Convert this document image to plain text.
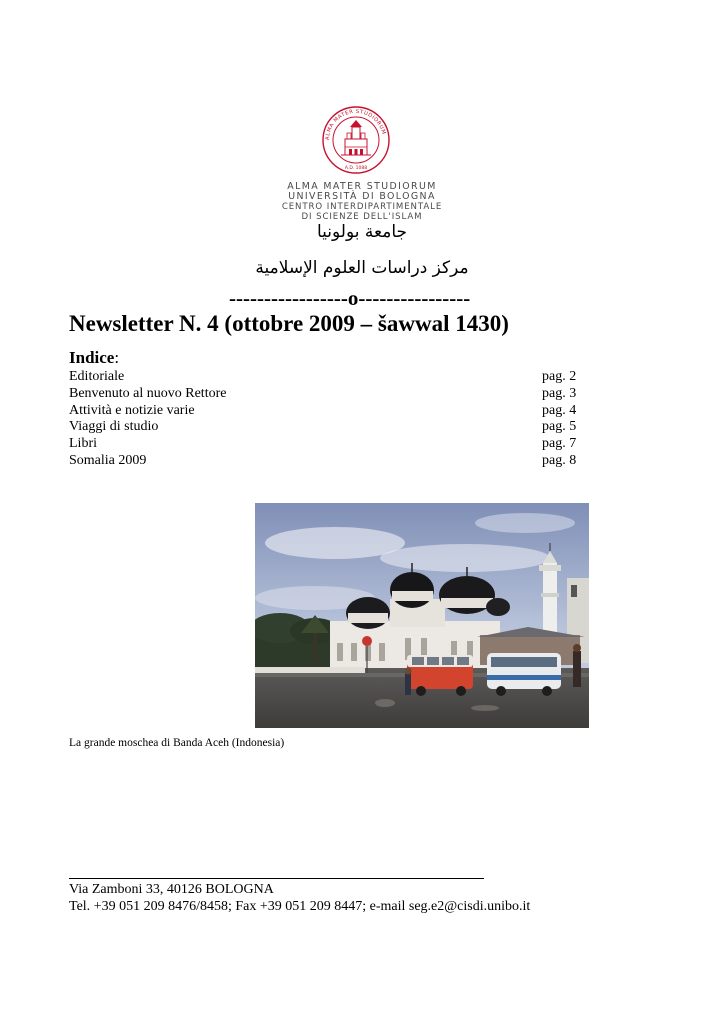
ALMA MATER STUDIORUM
A.D. 1088
ALMA MATER STUDIORUM
UNIVERSITÀ DI BOLOGNA
CENTRO INTERDIPARTIMENTALE
DI SCIENZE DELL'ISLAM
جامعة بولونيا
مركز دراسات العلوم الإسلامية
-----------------o----------------
Newsletter N. 4 (ottobre 2009 – šawwal 1430)
Indice:
Editoriale	pag. 2
Benvenuto al nuovo Rettore	pag. 3
Attività e notizie varie	pag. 4
Viaggi di studio	pag. 5
Libri	pag. 7
Somalia 2009	pag. 8
La grande moschea di Banda Aceh (Indonesia)
Via Zamboni 33, 40126 BOLOGNA
Tel. +39 051 209 8476/8458; Fax +39 051 209 8447; e-mail seg.e2@cisdi.unibo.it
